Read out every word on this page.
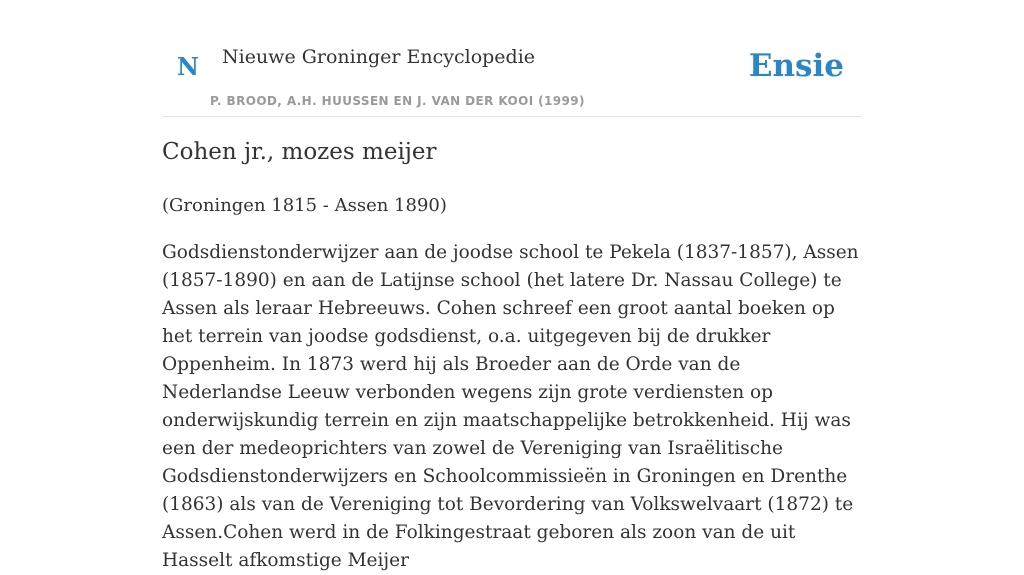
N Nieuwe Groninger Encyclopedie
P. BROOD, A.H. HUUSSEN EN J. VAN DER KOOI (1999)
Ensie
Cohen jr., mozes meijer
(Groningen 1815 - Assen 1890)

Godsdienstonderwijzer aan de joodse school te Pekela (1837-1857), Assen (1857-1890) en aan de Latijnse school (het latere Dr. Nassau College) te Assen als leraar Hebreeuws. Cohen schreef een groot aantal boeken op het terrein van joodse godsdienst, o.a. uitgegeven bij de drukker Oppenheim. In 1873 werd hij als Broeder aan de Orde van de Nederlandse Leeuw verbonden wegens zijn grote verdiensten op onderwijskundig terrein en zijn maatschappelijke betrokkenheid. Hij was een der medeoprichters van zowel de Vereniging van Israëlitische Godsdienstonderwijzers en Schoolcommissieën in Groningen en Drenthe (1863) als van de Vereniging tot Bevordering van Volkswelvaart (1872) te Assen.Cohen werd in de Folkingestraat geboren als zoon van de uit Hasselt afkomstige Meijer
